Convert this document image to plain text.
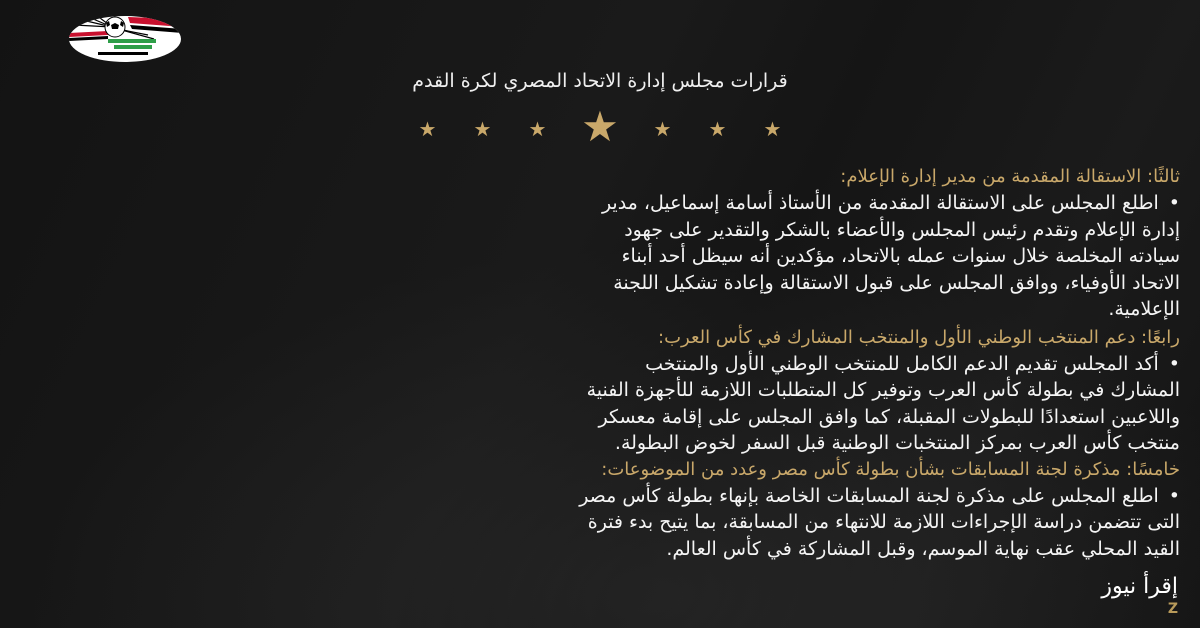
قرارات مجلس إدارة الاتحاد المصري لكرة القدم
★	★	★ ★	★	★	★
ثالثًا: الاستقالة المقدمة من مدير إدارة الإعلام:
•اطلع المجلس على الاستقالة المقدمة من الأستاذ أسامة إسماعيل، مدير
إدارة الإعلام وتقدم رئيس المجلس والأعضاء بالشكر والتقدير على جهود
سيادته المخلصة خلال سنوات عمله بالاتحاد، مؤكدين أنه سيظل أحد أبناء
الاتحاد الأوفياء، ووافق المجلس على قبول الاستقالة وإعادة تشكيل اللجنة
الإعلامية.
رابعًا: دعم المنتخب الوطني الأول والمنتخب المشارك في كأس العرب:
•أكد المجلس تقديم الدعم الكامل للمنتخب الوطني الأول والمنتخب
المشارك في بطولة كأس العرب وتوفير كل المتطلبات اللازمة للأجهزة الفنية
واللاعبين استعدادًا للبطولات المقبلة، كما وافق المجلس على إقامة معسكر
منتخب كأس العرب بمركز المنتخبات الوطنية قبل السفر لخوض البطولة.
خامسًا: مذكرة لجنة المسابقات بشأن بطولة كأس مصر وعدد من الموضوعات:
•اطلع المجلس على مذكرة لجنة المسابقات الخاصة بإنهاء بطولة كأس مصر
التى تتضمن دراسة الإجراءات اللازمة للانتهاء من المسابقة، بما يتيح بدء فترة
القيد المحلي عقب نهاية الموسم، وقبل المشاركة في كأس العالم.
إقرأ نيوز
Z
